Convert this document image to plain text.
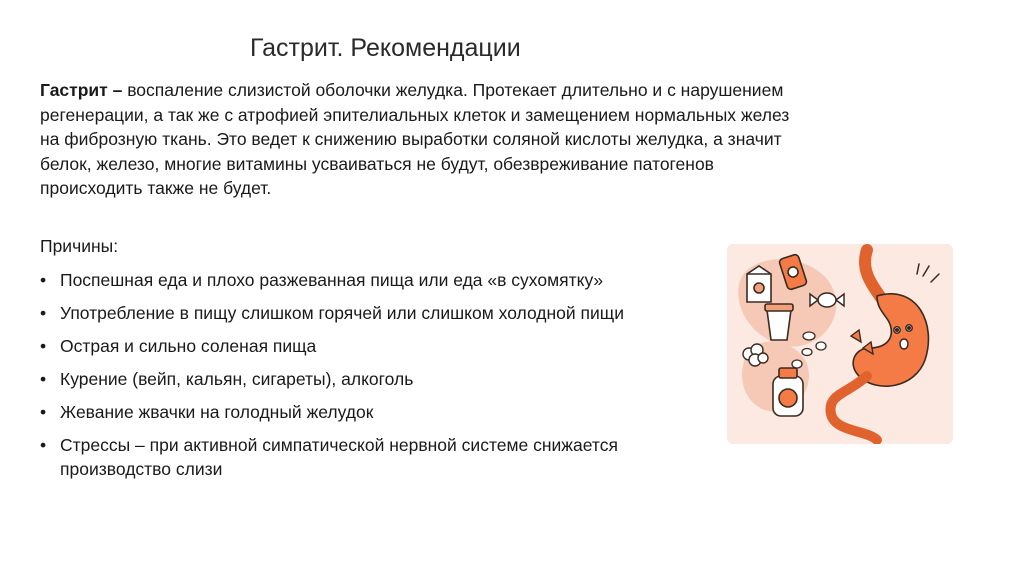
Гастрит. Рекомендации
Гастрит – воспаление слизистой оболочки желудка. Протекает длительно и с нарушением регенерации, а так же с атрофией эпителиальных клеток и замещением нормальных желез на фиброзную ткань. Это ведет к снижению выработки соляной кислоты желудка, а значит белок, железо, многие витамины усваиваться не будут, обезвреживание патогенов происходить также не будет.
Причины:
• Поспешная еда и плохо разжеванная пища или еда «в сухомятку»
• Употребление в пищу слишком горячей или слишком холодной пищи
• Острая и сильно соленая пища
• Курение (вейп, кальян, сигареты), алкоголь
• Жевание жвачки на голодный желудок
• Стрессы – при активной симпатической нервной системе снижается производство слизи
